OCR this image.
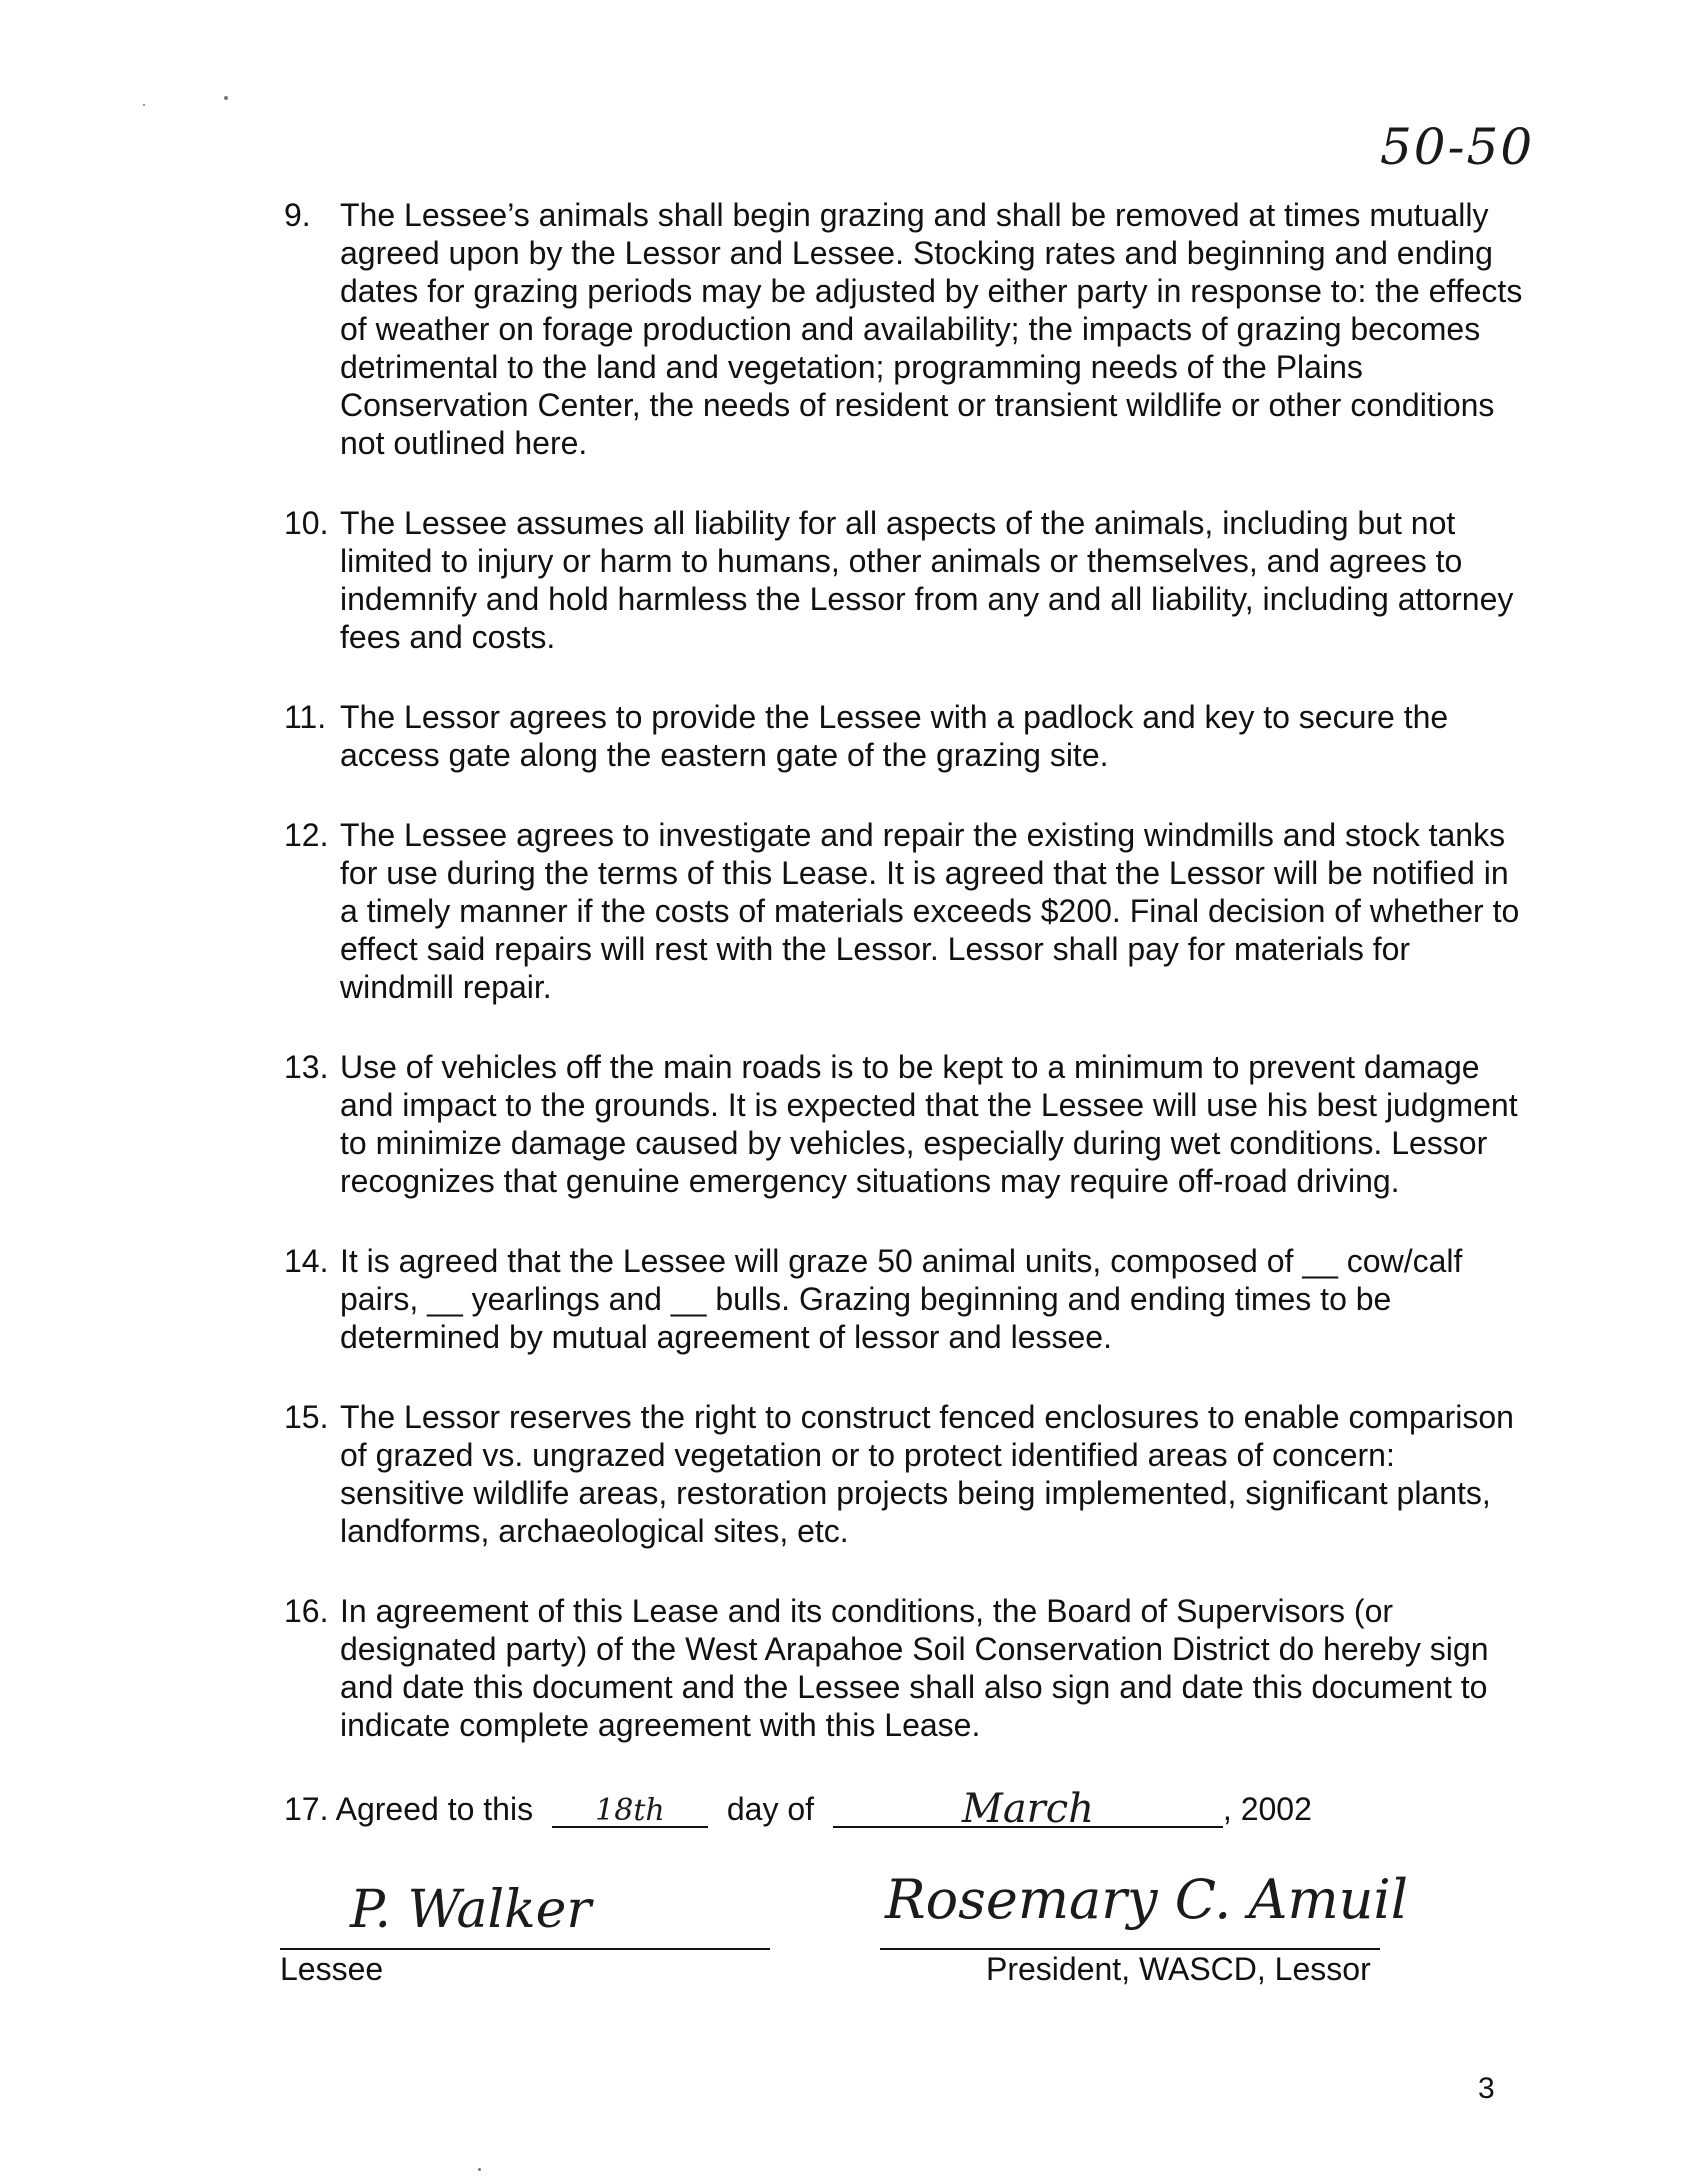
50-50
9. The Lessee’s animals shall begin grazing and shall be removed at times mutually agreed upon by the Lessor and Lessee. Stocking rates and beginning and ending dates for grazing periods may be adjusted by either party in response to: the effects of weather on forage production and availability; the impacts of grazing becomes detrimental to the land and vegetation; programming needs of the Plains Conservation Center, the needs of resident or transient wildlife or other conditions not outlined here.
10. The Lessee assumes all liability for all aspects of the animals, including but not limited to injury or harm to humans, other animals or themselves, and agrees to indemnify and hold harmless the Lessor from any and all liability, including attorney fees and costs.
11. The Lessor agrees to provide the Lessee with a padlock and key to secure the access gate along the eastern gate of the grazing site.
12. The Lessee agrees to investigate and repair the existing windmills and stock tanks for use during the terms of this Lease. It is agreed that the Lessor will be notified in a timely manner if the costs of materials exceeds $200. Final decision of whether to effect said repairs will rest with the Lessor. Lessor shall pay for materials for windmill repair.
13. Use of vehicles off the main roads is to be kept to a minimum to prevent damage and impact to the grounds. It is expected that the Lessee will use his best judgment to minimize damage caused by vehicles, especially during wet conditions. Lessor recognizes that genuine emergency situations may require off-road driving.
14. It is agreed that the Lessee will graze 50 animal units, composed of __ cow/calf pairs, __ yearlings and __ bulls. Grazing beginning and ending times to be determined by mutual agreement of lessor and lessee.
15. The Lessor reserves the right to construct fenced enclosures to enable comparison of grazed vs. ungrazed vegetation or to protect identified areas of concern: sensitive wildlife areas, restoration projects being implemented, significant plants, landforms, archaeological sites, etc.
16. In agreement of this Lease and its conditions, the Board of Supervisors (or designated party) of the West Arapahoe Soil Conservation District do hereby sign and date this document and the Lessee shall also sign and date this document to indicate complete agreement with this Lease.
17. Agreed to this 18th day of	March	, 2002
P. Walker
Lessee
Rosemary C. Amuil
President, WASCD, Lessor
3
